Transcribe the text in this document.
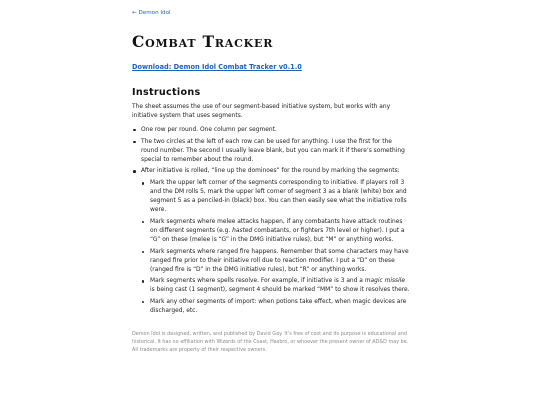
← Demon Idol
Combat Tracker
Download: Demon Idol Combat Tracker v0.1.0
Instructions

The sheet assumes the use of our segment-based initiative system, but works with any initiative system that uses segments.

One row per round. One column per segment.
The two circles at the left of each row can be used for anything. I use the first for the round number. The second I usually leave blank, but you can mark it if there’s something special to remember about the round.
After initiative is rolled, “line up the dominoes” for the round by marking the segments:
Mark the upper left corner of the segments corresponding to initiative. If players roll 3 and the DM rolls 5, mark the upper left corner of segment 3 as a blank (white) box and segment 5 as a penciled-in (black) box. You can then easily see what the initiative rolls were.
Mark segments where melee attacks happen, if any combatants have attack routines on different segments (e.g. hasted combatants, or fighters 7th level or higher). I put a “G” on these (melee is “G” in the DMG initiative rules), but “M” or anything works.
Mark segments where ranged fire happens. Remember that some characters may have ranged fire prior to their initiative roll due to reaction modifier. I put a “D” on these (ranged fire is “D” in the DMG initiative rules), but “R” or anything works.
Mark segments where spells resolve. For example, if initiative is 3 and a magic missile is being cast (1 segment), segment 4 should be marked “MM” to show it resolves there.
Mark any other segments of import: when potions take effect, when magic devices are discharged, etc.

Demon Idol is designed, written, and published by David Gay. It’s free of cost and its purpose is educational and historical. It has no affiliation with Wizards of the Coast, Hasbro, or whoever the present owner of AD&D may be. All trademarks are property of their respective owners.
